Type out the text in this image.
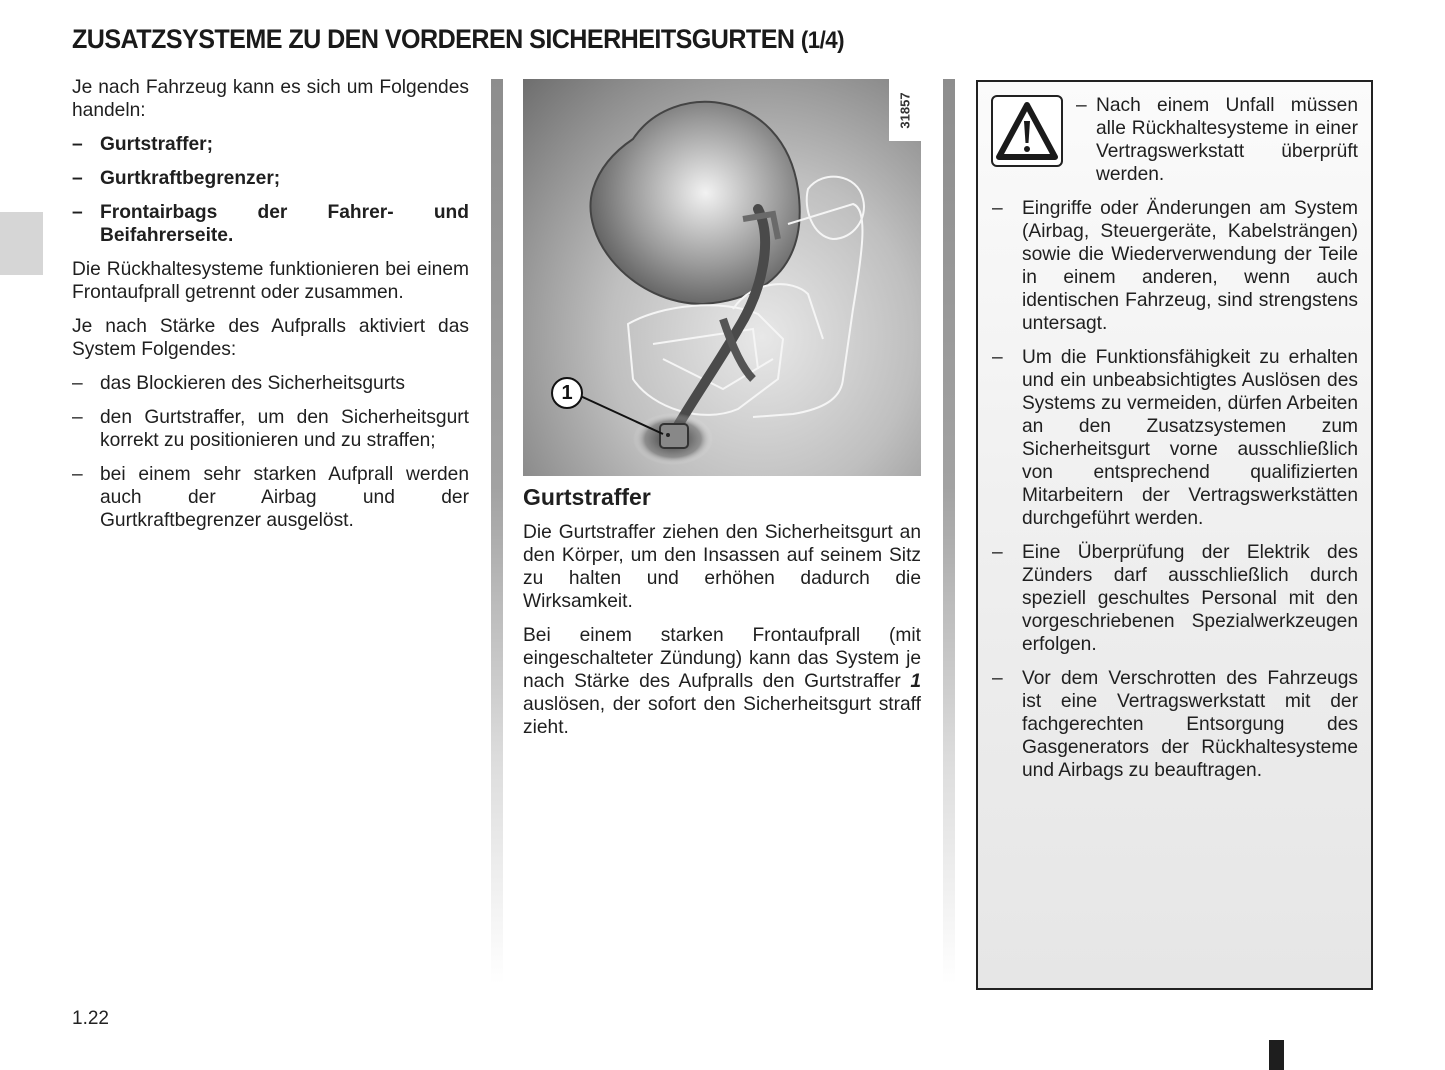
ZUSATZSYSTEME ZU DEN VORDEREN SICHERHEITSGURTEN (1/4)

Je nach Fahrzeug kann es sich um Folgendes handeln:

– Gurtstraffer;
– Gurtkraftbegrenzer;
– Frontairbags der Fahrer- und Beifahrerseite.

Die Rückhaltesysteme funktionieren bei einem Frontaufprall getrennt oder zusammen.

Je nach Stärke des Aufpralls aktiviert das System Folgendes:

– das Blockieren des Sicherheitsgurts
– den Gurtstraffer, um den Sicherheitsgurt korrekt zu positionieren und zu straffen;
– bei einem sehr starken Aufprall werden auch der Airbag und der Gurtkraftbegrenzer ausgelöst.
31857
1
Gurtstraffer

Die Gurtstraffer ziehen den Sicherheitsgurt an den Körper, um den Insassen auf seinem Sitz zu halten und erhöhen dadurch die Wirksamkeit.

Bei einem starken Frontaufprall (mit eingeschalteter Zündung) kann das System je nach Stärke des Aufpralls den Gurtstraffer 1 auslösen, der sofort den Sicherheitsgurt straff zieht.

– Nach einem Unfall müssen alle Rückhaltesysteme in einer Vertragswerkstatt überprüft werden.
–	Eingriffe oder Änderungen am System (Airbag, Steuergeräte, Kabelsträngen) sowie die Wiederverwendung der Teile in einem anderen, wenn auch identischen Fahrzeug, sind strengstens untersagt.
–	Um die Funktionsfähigkeit zu erhalten und ein unbeabsichtigtes Auslösen des Systems zu vermeiden, dürfen Arbeiten an den Zusatzsystemen zum Sicherheitsgurt vorne ausschließlich von entsprechend qualifizierten Mitarbeitern der Vertragswerkstätten durchgeführt werden.
–	Eine Überprüfung der Elektrik des Zünders darf ausschließlich durch speziell geschultes Personal mit den vorgeschriebenen Spezialwerkzeugen erfolgen.
–	Vor dem Verschrotten des Fahrzeugs ist eine Vertragswerkstatt mit der fachgerechten Entsorgung des Gasgenerators der Rückhaltesysteme und Airbags zu beauftragen.
1.22
